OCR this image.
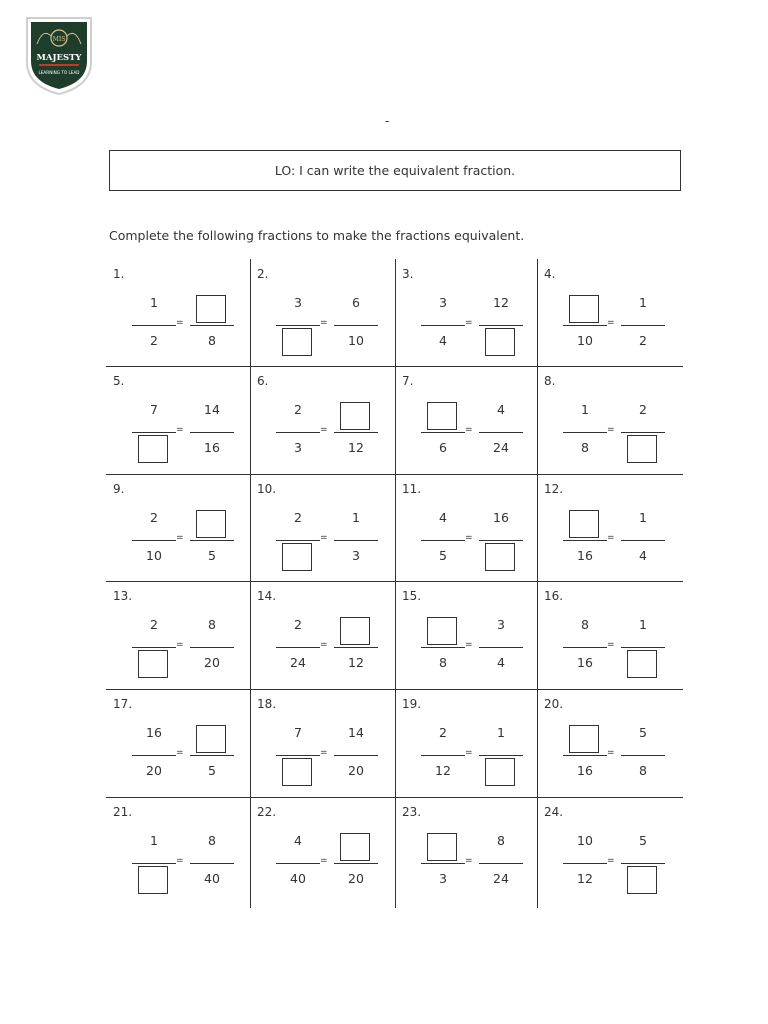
MIS
MAJESTY
LEARNING TO LEAD
-
LO: I can write the equivalent fraction.
Complete the following fractions to make the fractions equivalent.
1.
1
2
=
8
2.
3
=
6
10
3.
3
4
=
12
4.
10
=
1
2
5.
7
=
14
16
6.
2
3
=
12
7.
6
=
4
24
8.
1
8
=
2
9.
2
10
=
5
10.
2
=
1
3
11.
4
5
=
16
12.
16
=
1
4
13.
2
=
8
20
14.
2
24
=
12
15.
8
=
3
4
16.
8
16
=
1
17.
16
20
=
5
18.
7
=
14
20
19.
2
12
=
1
20.
16
=
5
8
21.
1
=
8
40
22.
4
40
=
20
23.
3
=
8
24
24.
10
12
=
5
